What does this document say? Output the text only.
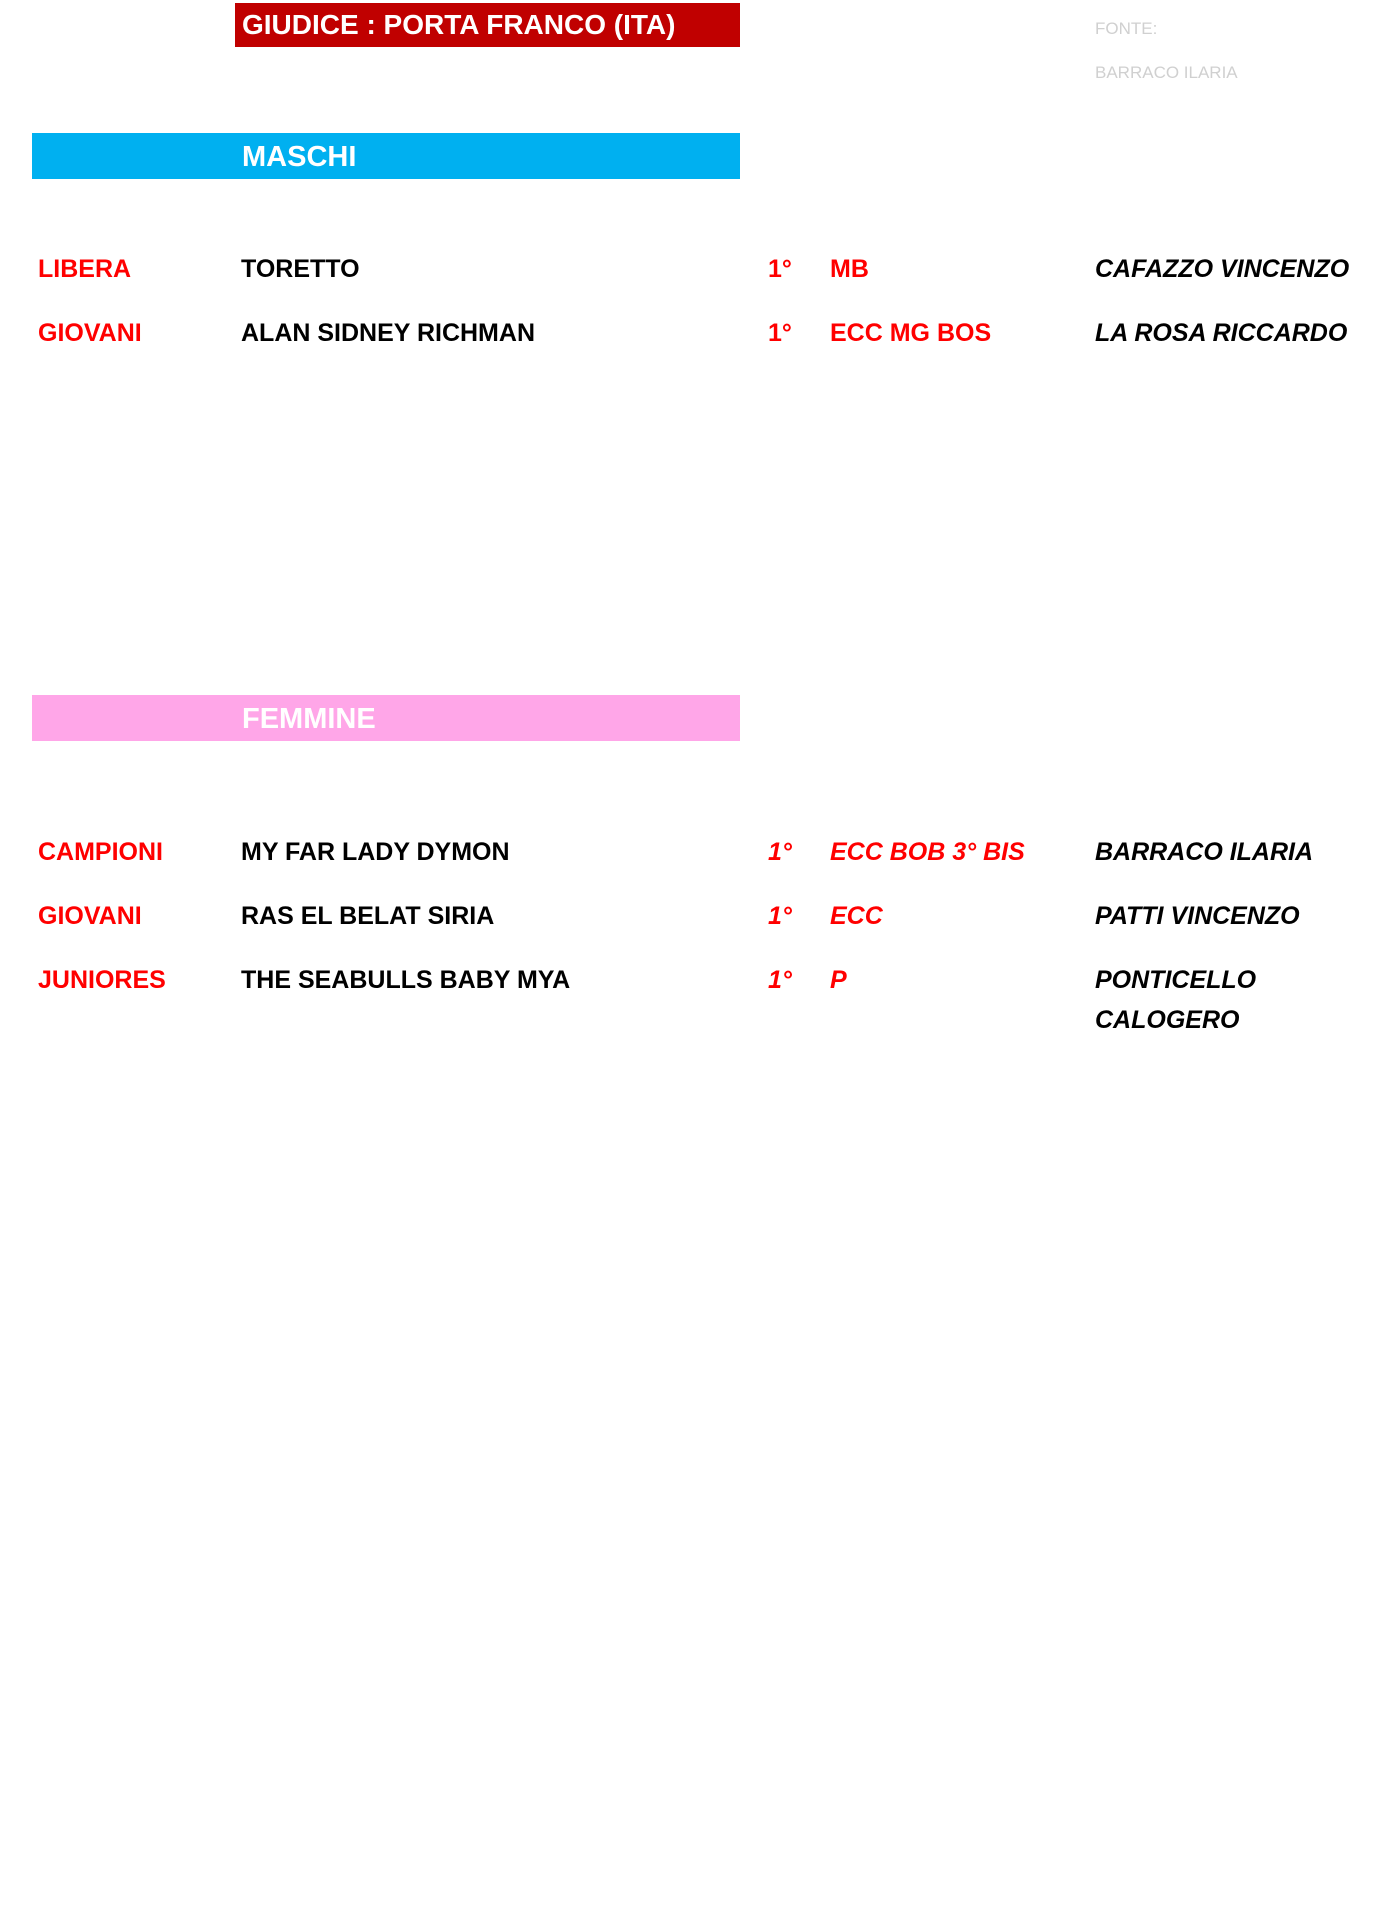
GIUDICE : PORTA FRANCO (ITA)	FONTE:
BARRACO ILARIA
MASCHI
LIBERA	TORETTO	1° MB	CAFAZZO VINCENZO
GIOVANI	ALAN SIDNEY RICHMAN	1° ECC MG BOS	LA ROSA RICCARDO
FEMMINE
CAMPIONI	MY FAR LADY DYMON	1° ECC BOB 3° BIS	BARRACO ILARIA
GIOVANI	RAS EL BELAT SIRIA	1° ECC	PATTI VINCENZO
JUNIORES	THE SEABULLS BABY MYA	1° P	PONTICELLO CALOGERO
